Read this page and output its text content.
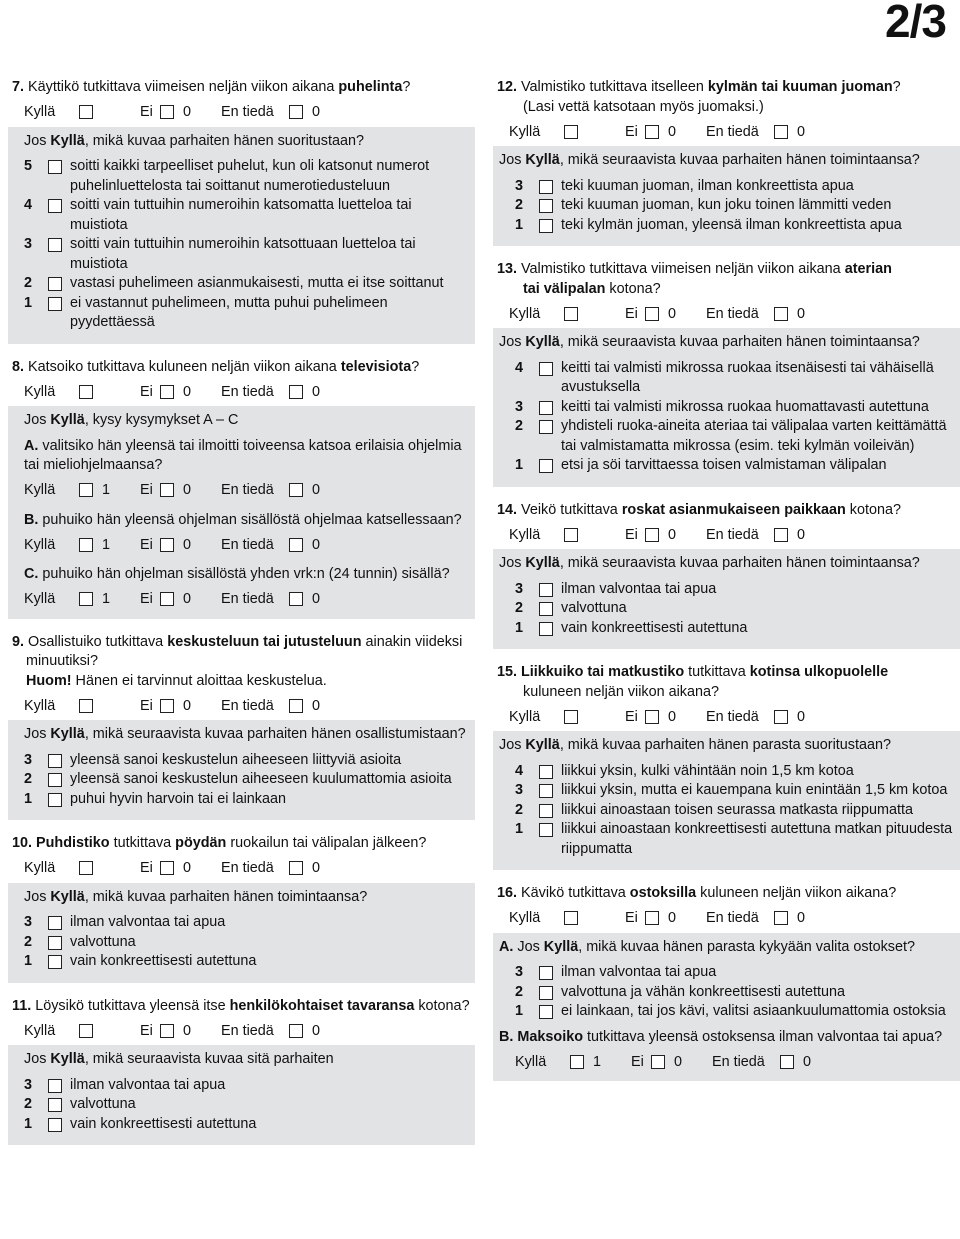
2/3
7. Käyttikö tutkittava viimeisen neljän viikon aikana puhelinta?
Kyllä	Ei	0	En tiedä	0
Jos Kyllä, mikä kuvaa parhaiten hänen suoritustaan?
5	soitti kaikki tarpeelliset puhelut, kun oli katsonut numerot puhelinluettelosta tai soittanut numerotiedusteluun
4	soitti vain tuttuihin numeroihin katsomatta luetteloa tai muistiota
3	soitti vain tuttuihin numeroihin katsottuaan luetteloa tai muistiota
2	vastasi puhelimeen asianmukaisesti, mutta ei itse soittanut
1	ei vastannut puhelimeen, mutta puhui puhelimeen pyydettäessä
8. Katsoiko tutkittava kuluneen neljän viikon aikana televisiota?
Kyllä	Ei	0	En tiedä	0
Jos Kyllä, kysy kysymykset A – C
A. valitsiko hän yleensä tai ilmoitti toiveensa katsoa erilaisia ohjelmia tai mieliohjelmaansa?
Kyllä	1	Ei	0	En tiedä	0
B. puhuiko hän yleensä ohjelman sisällöstä ohjelmaa katsellessaan?
Kyllä	1	Ei	0	En tiedä	0
C. puhuiko hän ohjelman sisällöstä yhden vrk:n (24 tunnin) sisällä?
Kyllä	1	Ei	0	En tiedä	0
9. Osallistuiko tutkittava keskusteluun tai jutusteluun ainakin viideksi minuutiksi?
Huom! Hänen ei tarvinnut aloittaa keskustelua.
Kyllä	Ei	0	En tiedä	0
Jos Kyllä, mikä seuraavista kuvaa parhaiten hänen osallistumistaan?
3	yleensä sanoi keskustelun aiheeseen liittyviä asioita
2	yleensä sanoi keskustelun aiheeseen kuulumattomia asioita
1	puhui hyvin harvoin tai ei lainkaan
10. Puhdistiko tutkittava pöydän ruokailun tai välipalan jälkeen?
Kyllä	Ei	0	En tiedä	0
Jos Kyllä, mikä kuvaa parhaiten hänen toimintaansa?
3	ilman valvontaa tai apua
2	valvottuna
1	vain konkreettisesti autettuna
11. Löysikö tutkittava yleensä itse henkilökohtaiset tavaransa kotona?
Kyllä	Ei	0	En tiedä	0
Jos Kyllä, mikä seuraavista kuvaa sitä parhaiten
3	ilman valvontaa tai apua
2	valvottuna
1	vain konkreettisesti autettuna
12. Valmistiko tutkittava itselleen kylmän tai kuuman juoman?
(Lasi vettä katsotaan myös juomaksi.)
Kyllä	Ei	0	En tiedä	0
Jos Kyllä, mikä seuraavista kuvaa parhaiten hänen toimintaansa?
3	teki kuuman juoman, ilman konkreettista apua
2	teki kuuman juoman, kun joku toinen lämmitti veden
1	teki kylmän juoman, yleensä ilman konkreettista apua
13. Valmistiko tutkittava viimeisen neljän viikon aikana aterian
tai välipalan kotona?
Kyllä	Ei	0	En tiedä	0
Jos Kyllä, mikä seuraavista kuvaa parhaiten hänen toimintaansa?
4	keitti tai valmisti mikrossa ruokaa itsenäisesti tai vähäisellä avustuksella
3	keitti tai valmisti mikrossa ruokaa huomattavasti autettuna
2	yhdisteli ruoka-aineita ateriaa tai välipalaa varten keittämättä tai valmistamatta mikrossa (esim. teki kylmän voileivän)
1	etsi ja söi tarvittaessa toisen valmistaman välipalan
14. Veikö tutkittava roskat asianmukaiseen paikkaan kotona?
Kyllä	Ei	0	En tiedä	0
Jos Kyllä, mikä seuraavista kuvaa parhaiten hänen toimintaansa?
3	ilman valvontaa tai apua
2	valvottuna
1	vain konkreettisesti autettuna
15. Liikkuiko tai matkustiko tutkittava kotinsa ulkopuolelle
kuluneen neljän viikon aikana?
Kyllä	Ei	0	En tiedä	0
Jos Kyllä, mikä kuvaa parhaiten hänen parasta suoritustaan?
4	liikkui yksin, kulki vähintään noin 1,5 km kotoa
3	liikkui yksin, mutta ei kauempana kuin enintään 1,5 km kotoa
2	liikkui ainoastaan toisen seurassa matkasta riippumatta
1	liikkui ainoastaan konkreettisesti autettuna matkan pituudesta riippumatta
16. Kävikö tutkittava ostoksilla kuluneen neljän viikon aikana?
Kyllä	Ei	0	En tiedä	0
A. Jos Kyllä, mikä kuvaa hänen parasta kykyään valita ostokset?
3	ilman valvontaa tai apua
2	valvottuna ja vähän konkreettisesti autettuna
1	ei lainkaan, tai jos kävi, valitsi asiaankuulumattomia ostoksia
B. Maksoiko tutkittava yleensä ostoksensa ilman valvontaa tai apua?
Kyllä	1	Ei	0	En tiedä	0
